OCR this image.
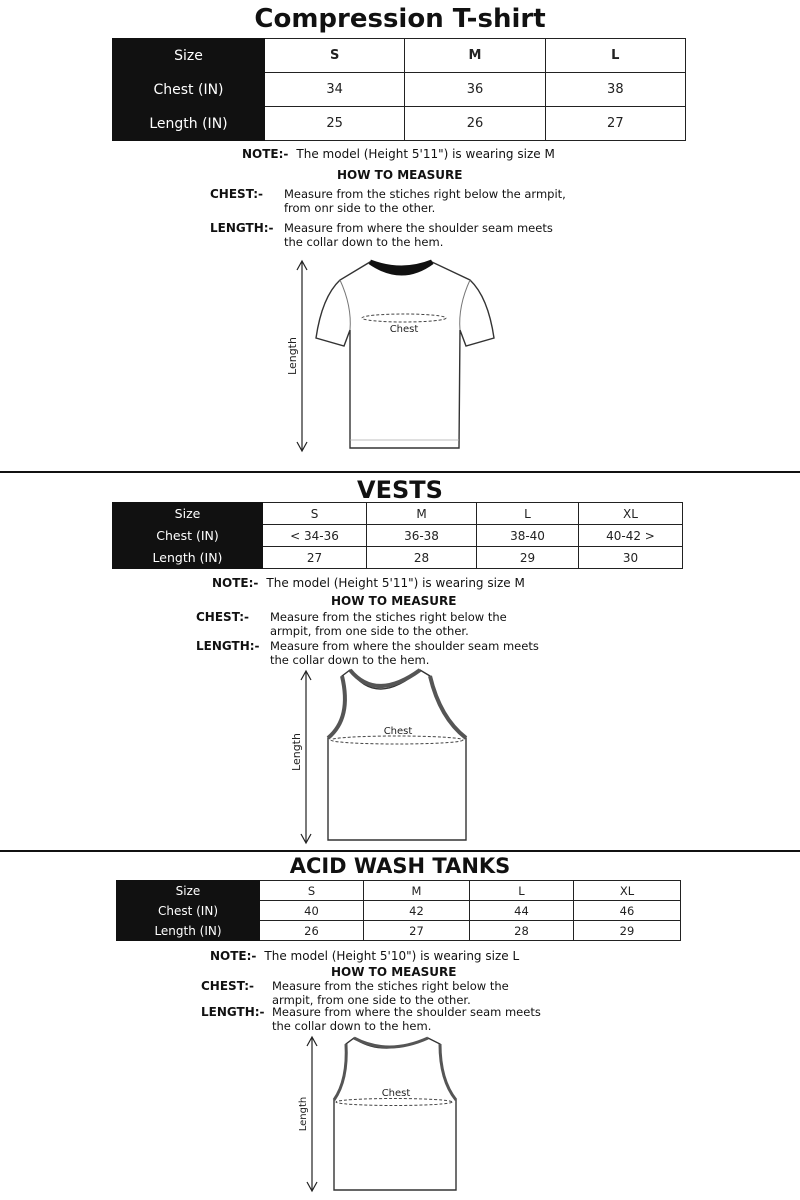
Compression T-shirt
Size	S	M	L
Chest (IN)	34	36	38
Length (IN)	25	26	27
NOTE:- The model (Height 5'11") is wearing size M
HOW TO MEASURE
CHEST:- Measure from the stiches right below the armpit,
from onr side to the other.
LENGTH:- Measure from where the shoulder seam meets
the collar down to the hem.
Length
Chest
VESTS
Size	S	M	L	XL
Chest (IN)	< 34-36	36-38	38-40	40-42 >
Length (IN)	27	28	29	30
NOTE:- The model (Height 5'11") is wearing size M
HOW TO MEASURE
CHEST:- Measure from the stiches right below the
armpit, from one side to the other.
LENGTH:- Measure from where the shoulder seam meets
the collar down to the hem.
Length
Chest
ACID WASH TANKS
Size	S	M	L	XL
Chest (IN)	40	42	44	46
Length (IN)	26	27	28	29
NOTE:- The model (Height 5'10") is wearing size L
HOW TO MEASURE
CHEST:- Measure from the stiches right below the
armpit, from one side to the other.
LENGTH:- Measure from where the shoulder seam meets
the collar down to the hem.
Length
Chest
